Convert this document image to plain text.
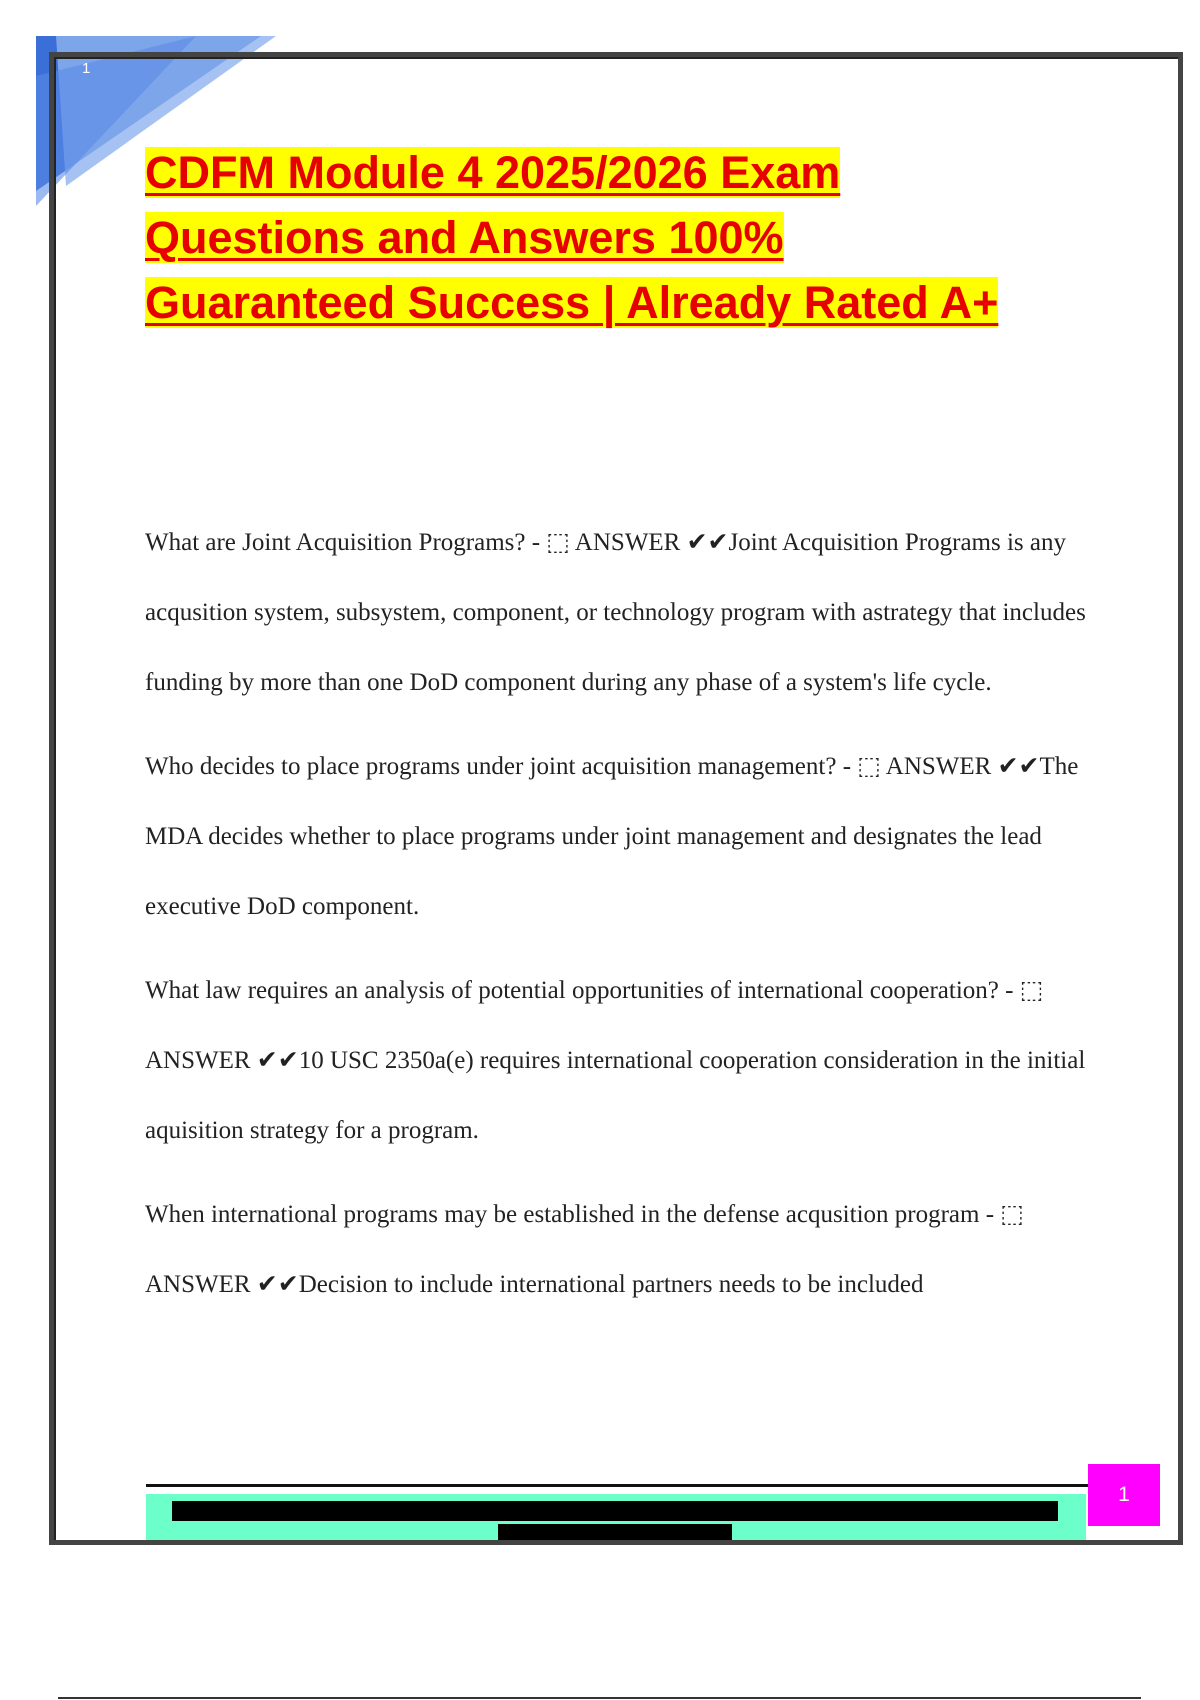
1
CDFM Module 4 2025/2026 Exam
Questions and Answers 100%
Guaranteed Success | Already Rated A+

What are Joint Acquisition Programs? - ⬚ ANSWER ✔✔Joint Acquisition Programs is any acqusition system, subsystem, component, or technology program with astrategy that includes funding by more than one DoD component during any phase of a system's life cycle.

Who decides to place programs under joint acquisition management? - ⬚ ANSWER ✔✔The MDA decides whether to place programs under joint management and designates the lead executive DoD component.

What law requires an analysis of potential opportunities of international cooperation? - ⬚ ANSWER ✔✔10 USC 2350a(e) requires international cooperation consideration in the initial aquisition strategy for a program.

When international programs may be established in the defense acqusition program - ⬚ ANSWER ✔✔Decision to include international partners needs to be included

1
